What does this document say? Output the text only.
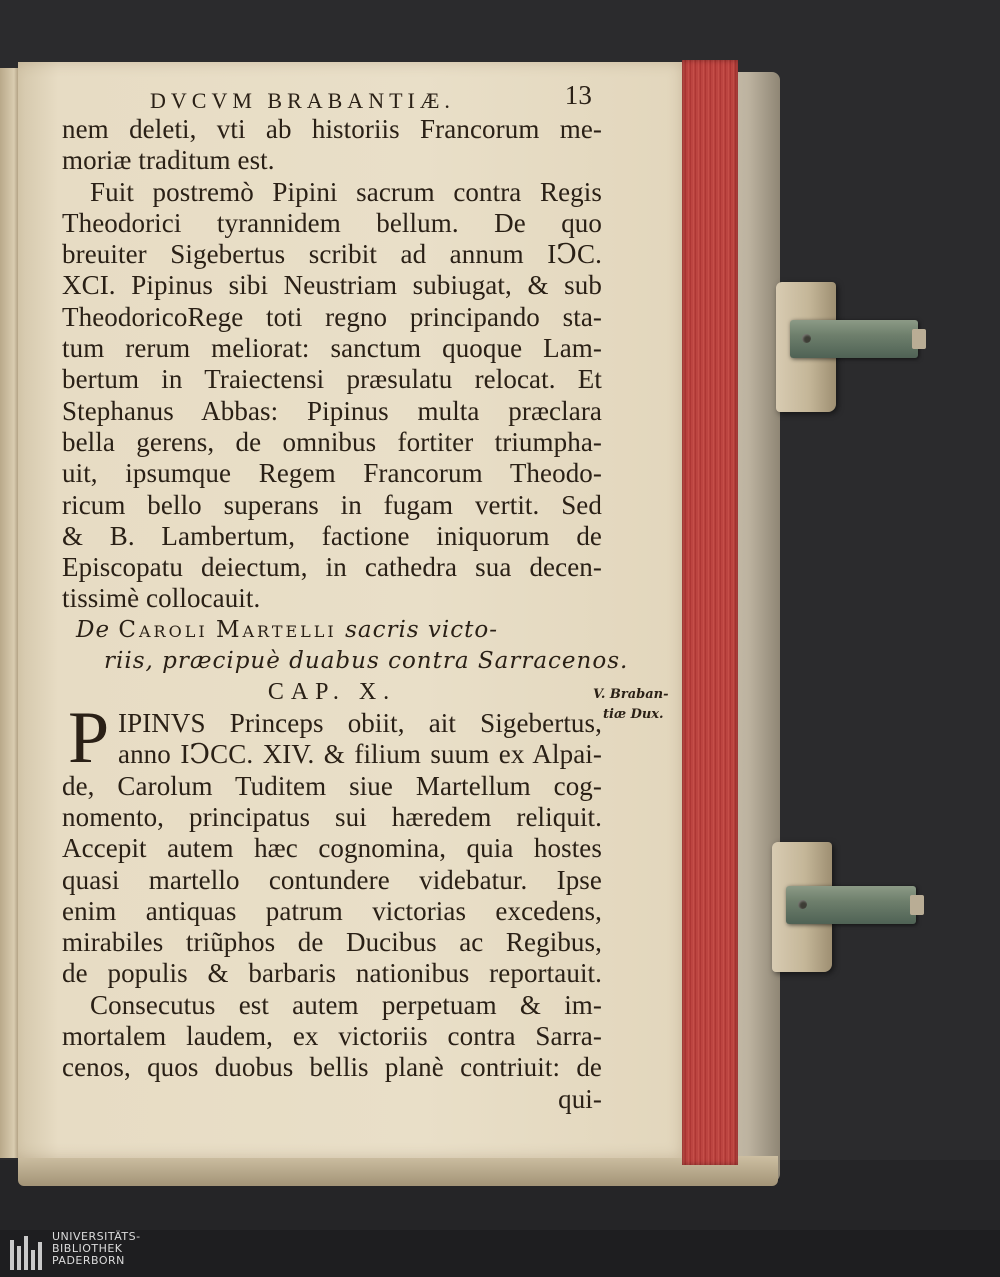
DVCVM BRABANTIÆ.	13
nem deleti, vti ab historiis Francorum me-
moriæ traditum est.
Fuit postremò Pipini sacrum contra Regis
Theodorici tyrannidem bellum. De quo
breuiter Sigebertus scribit ad annum IↃC.
XCI. Pipinus sibi Neustriam subiugat, & sub
TheodoricoRege toti regno principando sta-
tum rerum meliorat: sanctum quoque Lam-
bertum in Traiectensi præsulatu relocat. Et
Stephanus Abbas: Pipinus multa præclara
bella gerens, de omnibus fortiter triumpha-
uit, ipsumque Regem Francorum Theodo-
ricum bello superans in fugam vertit. Sed
& B. Lambertum, factione iniquorum de
Episcopatu deiectum, in cathedra sua decen-
tissimè collocauit.
De Caroli Martelli sacris victo-
riis, præcipuè duabus contra Sarracenos.
CAP. X.
P IPINVS Princeps obiit, ait Sigebertus,
anno IↃCC. XIV. & filium suum ex Alpai-
de, Carolum Tuditem siue Martellum cog-
nomento, principatus sui hæredem reliquit.
Accepit autem hæc cognomina, quia hostes
quasi martello contundere videbatur. Ipse
enim antiquas patrum victorias excedens,
mirabiles triũphos de Ducibus ac Regibus,
de populis & barbaris nationibus reportauit.
Consecutus est autem perpetuam & im-
mortalem laudem, ex victoriis contra Sarra-
cenos, quos duobus bellis planè contriuit: de
qui-
V. Braban-
tiæ Dux.
UNIVERSITÄTS-
BIBLIOTHEK
PADERBORN
